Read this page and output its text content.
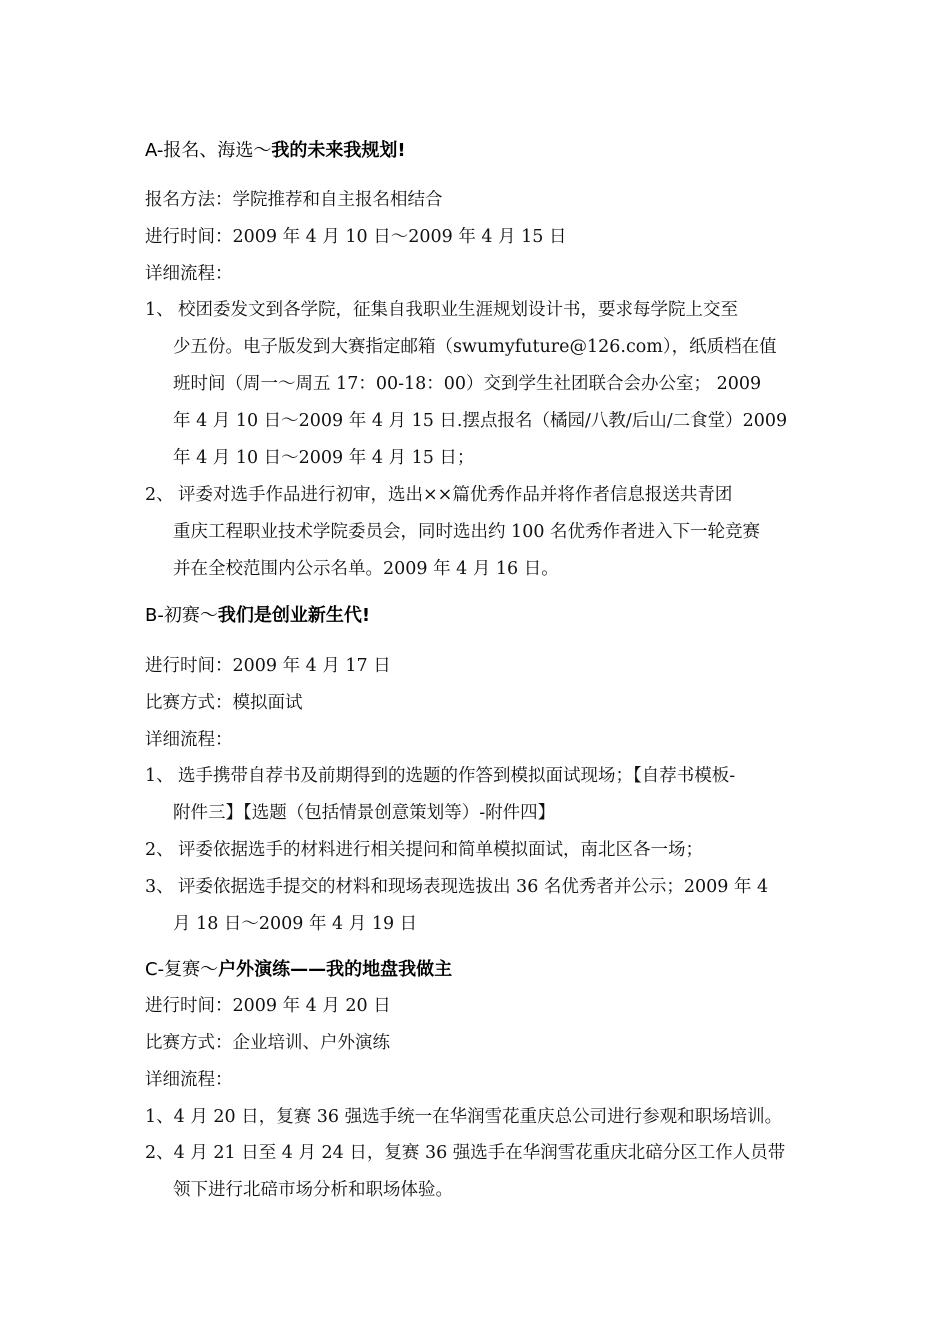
A-报名、海选～我的未来我规划!
报名方法：学院推荐和自主报名相结合
进行时间：2009 年 4 月 10 日～2009 年 4 月 15 日
详细流程：
1、 校团委发文到各学院，征集自我职业生涯规划设计书，要求每学院上交至
少五份。电子版发到大赛指定邮箱（swumyfuture@126.com），纸质档在值
班时间（周一～周五 17：00-18：00）交到学生社团联合会办公室； 2009
年 4 月 10 日～2009 年 4 月 15 日.摆点报名（橘园/八教/后山/二食堂）2009
年 4 月 10 日～2009 年 4 月 15 日；
2、 评委对选手作品进行初审，选出××篇优秀作品并将作者信息报送共青团
重庆工程职业技术学院委员会，同时选出约 100 名优秀作者进入下一轮竞赛
并在全校范围内公示名单。2009 年 4 月 16 日。
B-初赛～我们是创业新生代!
进行时间：2009 年 4 月 17 日
比赛方式：模拟面试
详细流程：
1、 选手携带自荐书及前期得到的选题的作答到模拟面试现场；【自荐书模板-
附件三】【选题（包括情景创意策划等）-附件四】
2、 评委依据选手的材料进行相关提问和简单模拟面试，南北区各一场；
3、 评委依据选手提交的材料和现场表现选拔出 36 名优秀者并公示；2009 年 4
月 18 日～2009 年 4 月 19 日
C-复赛～户外演练——我的地盘我做主
进行时间：2009 年 4 月 20 日
比赛方式：企业培训、户外演练
详细流程：
1、4 月 20 日，复赛 36 强选手统一在华润雪花重庆总公司进行参观和职场培训。
2、4 月 21 日至 4 月 24 日，复赛 36 强选手在华润雪花重庆北碚分区工作人员带
领下进行北碚市场分析和职场体验。
